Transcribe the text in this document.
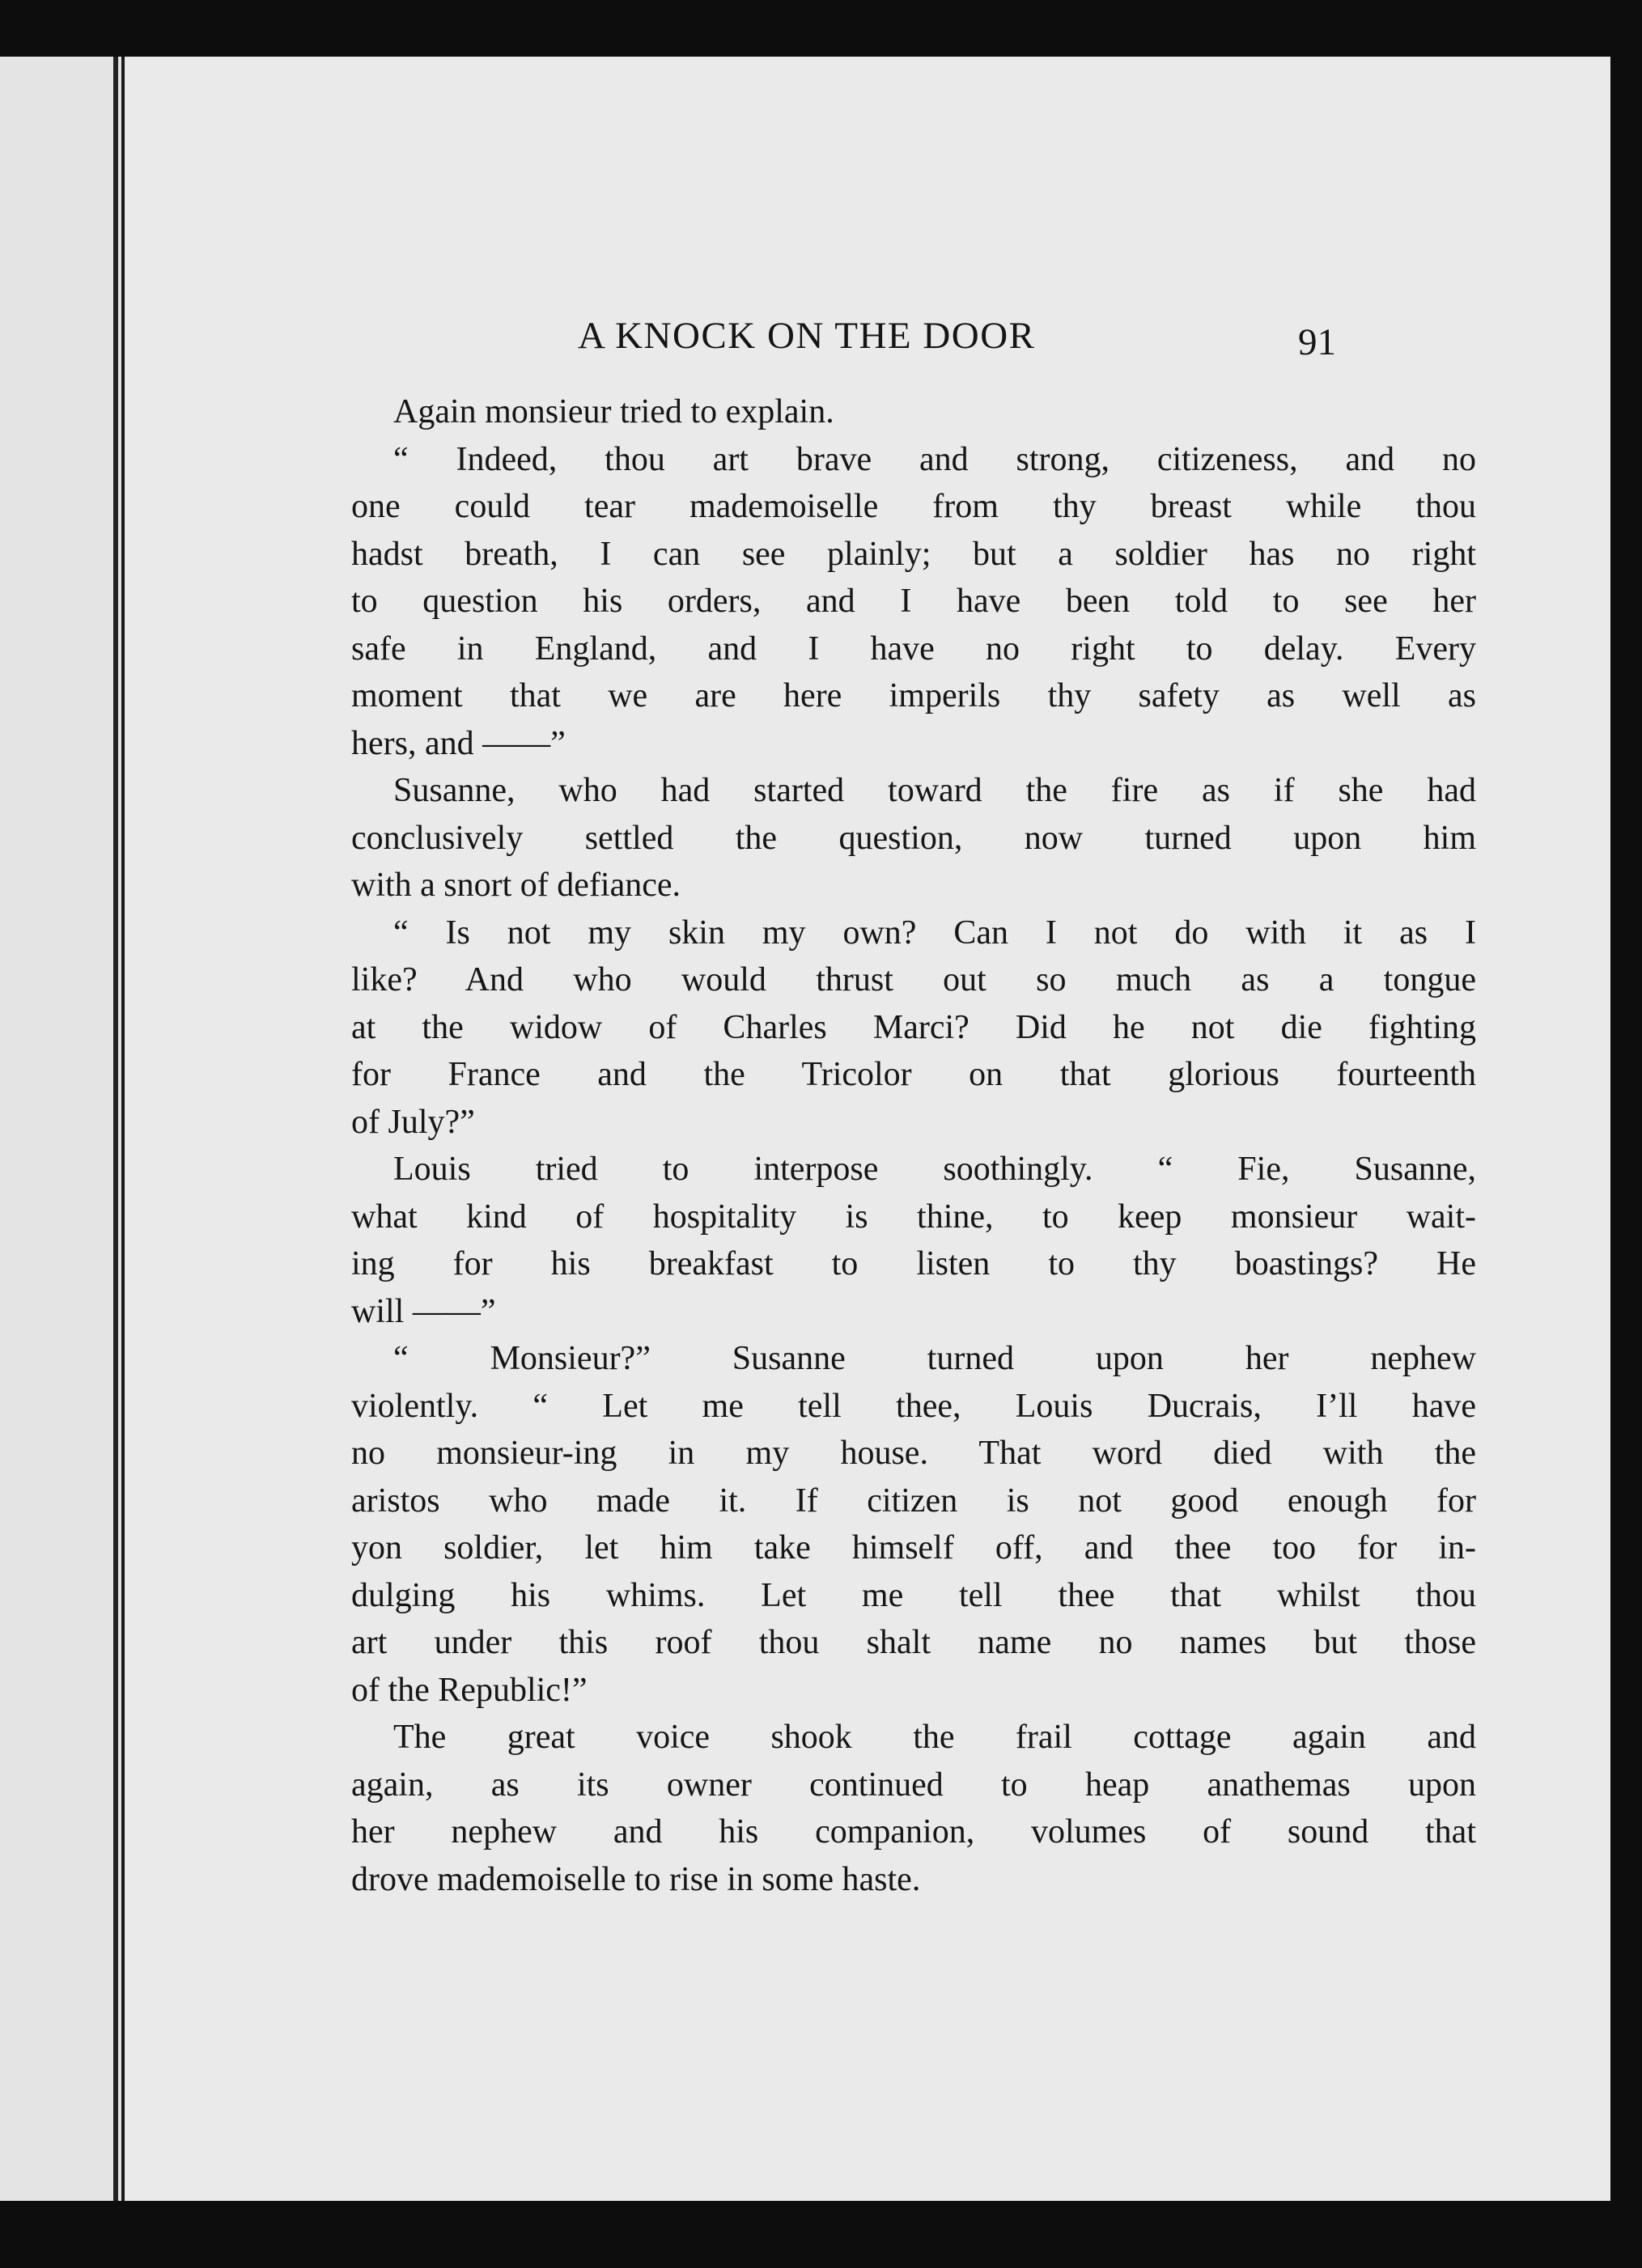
A KNOCK ON THE DOOR	91
Again monsieur tried to explain.
“ Indeed, thou art brave and strong, citizeness, and no
one could tear mademoiselle from thy breast while thou
hadst breath, I can see plainly; but a soldier has no right
to question his orders, and I have been told to see her
safe in England, and I have no right to delay. Every
moment that we are here imperils thy safety as well as
hers, and ——”
Susanne, who had started toward the fire as if she had
conclusively settled the question, now turned upon him
with a snort of defiance.
“ Is not my skin my own? Can I not do with it as I
like? And who would thrust out so much as a tongue
at the widow of Charles Marci? Did he not die fighting
for France and the Tricolor on that glorious fourteenth
of July?”
Louis tried to interpose soothingly. “ Fie, Susanne,
what kind of hospitality is thine, to keep monsieur wait-
ing for his breakfast to listen to thy boastings? He
will ——”
“ Monsieur?” Susanne turned upon her nephew
violently. “ Let me tell thee, Louis Ducrais, I’ll have
no monsieur-ing in my house. That word died with the
aristos who made it. If citizen is not good enough for
yon soldier, let him take himself off, and thee too for in-
dulging his whims. Let me tell thee that whilst thou
art under this roof thou shalt name no names but those
of the Republic!”
The great voice shook the frail cottage again and
again, as its owner continued to heap anathemas upon
her nephew and his companion, volumes of sound that
drove mademoiselle to rise in some haste.
